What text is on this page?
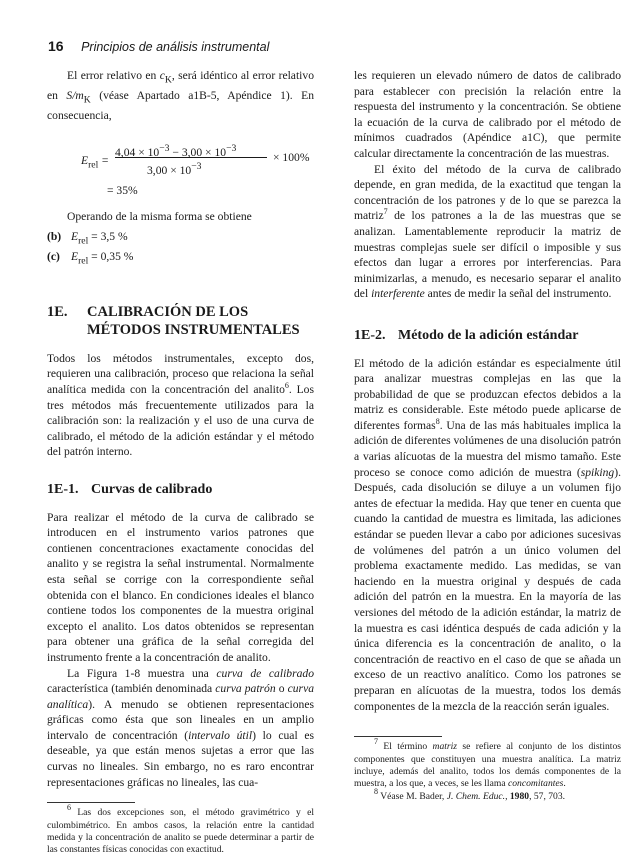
16 Principios de análisis instrumental

El error relativo en $c_K$, será idéntico al error relativo en $S/m_K$ (véase Apartado a1B-5, Apéndice 1). En consecuencia,

$E_{rel}$ =
$4,04 \times 10^{-3} - 3,00 \times 10^{-3}$
$3,00 \times 10^{-3}$
× 100%
= 35%

Operando de la misma forma se obtiene

(b) $E_{rel} = 3,5$ %
(c) $E_{rel} = 0,35$ %

1E. CALIBRACIÓN DE LOS

MÉTODOS INSTRUMENTALES

Todos los métodos instrumentales, excepto dos, requieren una calibración, proceso que relaciona la señal analítica medida con la concentración del analito$^6$. Los tres métodos más frecuentemente utilizados para la calibración son: la realización y el uso de una curva de calibrado, el método de la adición estándar y el método del patrón interno.

1E-1. Curvas de calibrado

Para realizar el método de la curva de calibrado se introducen en el instrumento varios patrones que contienen concentraciones exactamente conocidas del analito y se registra la señal instrumental. Normalmente esta señal se corrige con la correspondiente señal obtenida con el blanco. En condiciones ideales el blanco contiene todos los componentes de la muestra original excepto el analito. Los datos obtenidos se representan para obtener una gráfica de la señal corregida del instrumento frente a la concentración de analito.

La Figura 1-8 muestra una curva de calibrado característica (también denominada curva patrón o curva analítica). A menudo se obtienen representaciones gráficas como ésta que son lineales en un amplio intervalo de concentración (intervalo útil) lo cual es deseable, ya que están menos sujetas a error que las curvas no lineales. Sin embargo, no es raro encontrar representaciones gráficas no lineales, las cua-

$^6$ Las dos excepciones son, el método gravimétrico y el culombimétrico. En ambos casos, la relación entre la cantidad medida y la concentración de analito se puede determinar a partir de las constantes físicas conocidas con exactitud.

les requieren un elevado número de datos de calibrado para establecer con precisión la relación entre la respuesta del instrumento y la concentración. Se obtiene la ecuación de la curva de calibrado por el método de mínimos cuadrados (Apéndice a1C), que permite calcular directamente la concentración de las muestras.

El éxito del método de la curva de calibrado depende, en gran medida, de la exactitud que tengan la concentración de los patrones y de lo que se parezca la matriz$^7$ de los patrones a la de las muestras que se analizan. Lamentablemente reproducir la matriz de muestras complejas suele ser difícil o imposible y sus efectos dan lugar a errores por interferencias. Para minimizarlas, a menudo, es necesario separar el analito del interferente antes de medir la señal del instrumento.

1E-2. Método de la adición estándar

El método de la adición estándar es especialmente útil para analizar muestras complejas en las que la probabilidad de que se produzcan efectos debidos a la matriz es considerable. Este método puede aplicarse de diferentes formas$^8$. Una de las más habituales implica la adición de diferentes volúmenes de una disolución patrón a varias alícuotas de la muestra del mismo tamaño. Este proceso se conoce como adición de muestra (spiking). Después, cada disolución se diluye a un volumen fijo antes de efectuar la medida. Hay que tener en cuenta que cuando la cantidad de muestra es limitada, las adiciones estándar se pueden llevar a cabo por adiciones sucesivas de volúmenes del patrón a un único volumen del problema exactamente medido. Las medidas, se van haciendo en la muestra original y después de cada adición del patrón en la muestra. En la mayoría de las versiones del método de la adición estándar, la matriz de la muestra es casi idéntica después de cada adición y la única diferencia es la concentración de analito, o la concentración de reactivo en el caso de que se añada un exceso de un reactivo analítico. Como los patrones se preparan en alícuotas de la muestra, todos los demás componentes de la mezcla de la reacción serán iguales.

$^7$ El término matriz se refiere al conjunto de los distintos componentes que constituyen una muestra analítica. La matriz incluye, además del analito, todos los demás componentes de la muestra, a los que, a veces, se les llama concomitantes.

$^8$ Véase M. Bader, J. Chem. Educ., 1980, 57, 703.
